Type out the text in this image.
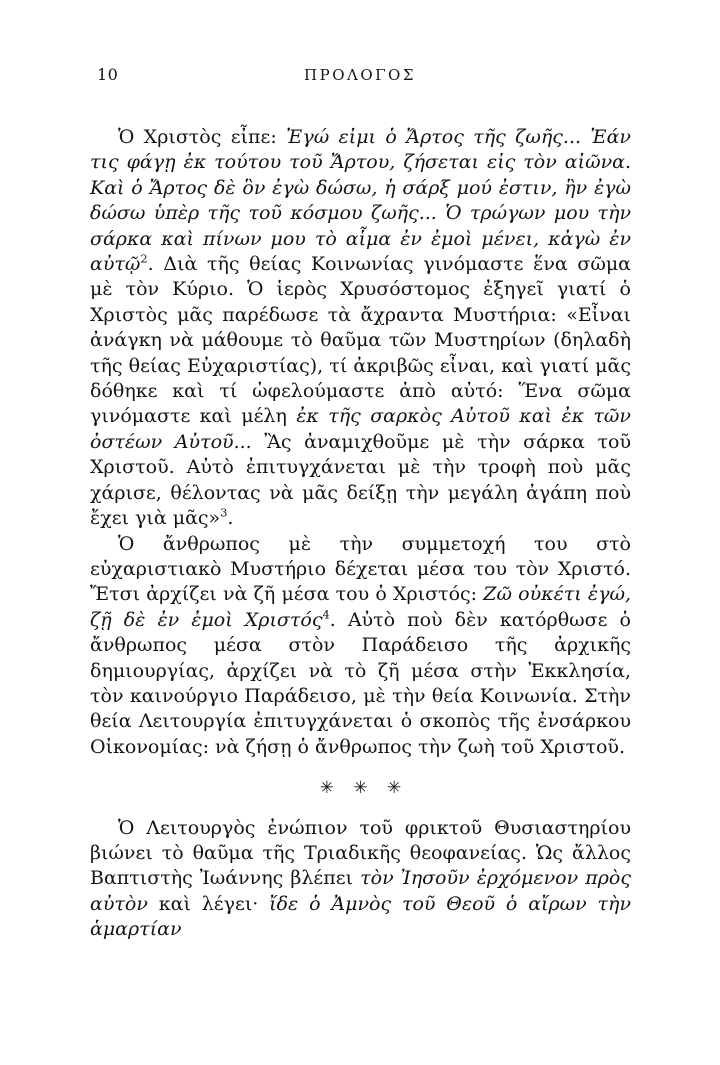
10	ΠΡΟΛΟΓΟΣ

Ὁ Χριστὸς εἶπε: Ἐγώ εἰμι ὁ Ἄρτος τῆς ζωῆς... Ἐάν τις φάγῃ ἐκ τούτου τοῦ Ἄρτου, ζήσεται εἰς τὸν αἰῶνα. Καὶ ὁ Ἄρτος δὲ ὃν ἐγὼ δώσω, ἡ σάρξ μού ἐστιν, ἣν ἐγὼ δώσω ὑπὲρ τῆς τοῦ κόσμου ζωῆς... Ὁ τρώγων μου τὴν σάρκα καὶ πίνων μου τὸ αἷμα ἐν ἐμοὶ μένει, κἀγὼ ἐν αὐτῷ$^2$. Διὰ τῆς θείας Κοινωνίας γινόμαστε ἕνα σῶμα μὲ τὸν Κύριο. Ὁ ἱερὸς Χρυσόστομος ἐξηγεῖ γιατί ὁ Χριστὸς μᾶς παρέδωσε τὰ ἄχραντα Μυστήρια: «Εἶναι ἀνάγκη νὰ μάθουμε τὸ θαῦμα τῶν Μυστηρίων (δηλαδὴ τῆς θείας Εὐχαριστίας), τί ἀκριβῶς εἶναι, καὶ γιατί μᾶς δόθηκε καὶ τί ὠφελούμαστε ἀπὸ αὐτό: Ἕνα σῶμα γινόμαστε καὶ μέλη ἐκ τῆς σαρκὸς Αὐτοῦ καὶ ἐκ τῶν ὀστέων Αὐτοῦ... Ἂς ἀναμιχθοῦμε μὲ τὴν σάρκα τοῦ Χριστοῦ. Αὐτὸ ἐπιτυγχάνεται μὲ τὴν τροφὴ ποὺ μᾶς χάρισε, θέλοντας νὰ μᾶς δείξῃ τὴν μεγάλη ἀγάπη ποὺ ἔχει γιὰ μᾶς»$^3$.

Ὁ ἄνθρωπος μὲ τὴν συμμετοχή του στὸ εὐχαριστιακὸ Μυστήριο δέχεται μέσα του τὸν Χριστό. Ἔτσι ἀρχίζει νὰ ζῆ μέσα του ὁ Χριστός: Ζῶ οὐκέτι ἐγώ, ζῇ δὲ ἐν ἐμοὶ Χριστός$^4$. Αὐτὸ ποὺ δὲν κατόρθωσε ὁ ἄνθρωπος μέσα στὸν Παράδεισο τῆς ἀρχικῆς δημιουργίας, ἀρχίζει νὰ τὸ ζῆ μέσα στὴν Ἐκκλησία, τὸν καινούργιο Παράδεισο, μὲ τὴν θεία Κοινωνία. Στὴν θεία Λειτουργία ἐπιτυγχάνεται ὁ σκοπὸς τῆς ἐνσάρκου Οἰκονομίας: νὰ ζήσῃ ὁ ἄνθρωπος τὴν ζωὴ τοῦ Χριστοῦ.

✳ ✳ ✳

Ὁ Λειτουργὸς ἐνώπιον τοῦ φρικτοῦ Θυσιαστηρίου βιώνει τὸ θαῦμα τῆς Τριαδικῆς θεοφανείας. Ὡς ἄλλος Βαπτιστὴς Ἰωάννης βλέπει τὸν Ἰησοῦν ἐρχόμενον πρὸς αὐτὸν καὶ λέγει· ἴδε ὁ Ἀμνὸς τοῦ Θεοῦ ὁ αἴρων τὴν ἁμαρτίαν
